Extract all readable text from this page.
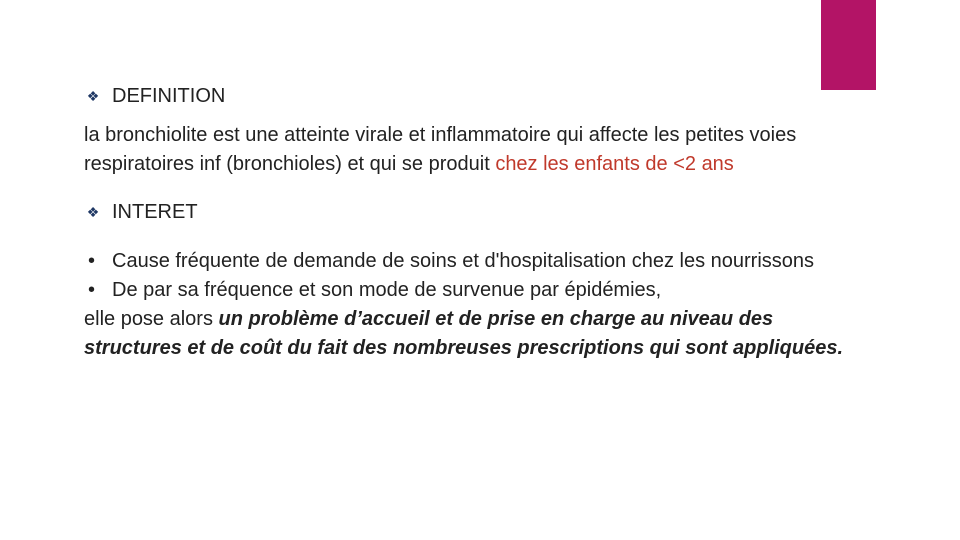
❖ DEFINITION

la bronchiolite est une atteinte virale et inflammatoire qui affecte les petites voies respiratoires inf (bronchioles) et qui se produit chez les enfants de <2 ans

❖ INTERET
• Cause fréquente de demande de soins et d'hospitalisation chez les nourrissons
• De par sa fréquence et son mode de survenue par épidémies,
elle pose alors un problème d’accueil et de prise en charge au niveau des structures et de coût du fait des nombreuses prescriptions qui sont appliquées.
